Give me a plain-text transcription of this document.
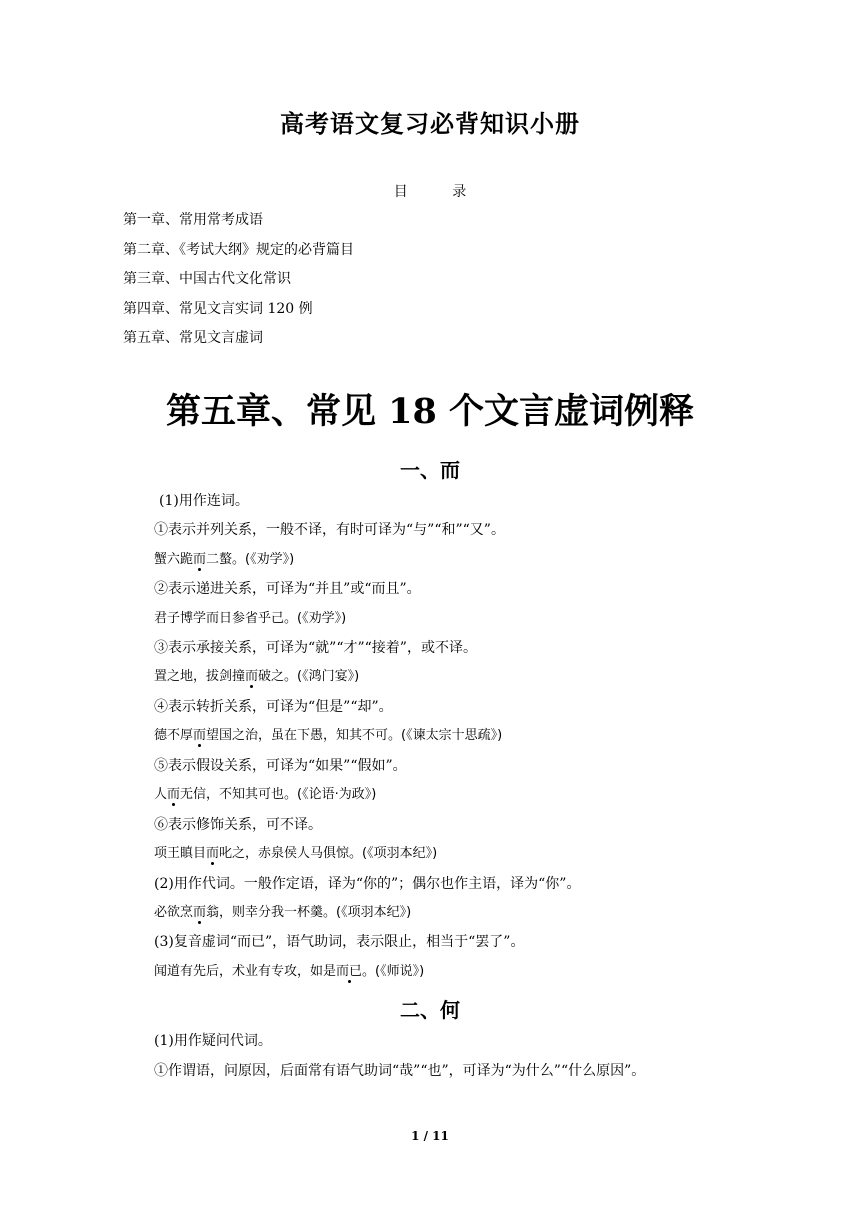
高考语文复习必背知识小册
目 录
第一章、常用常考成语
第二章、《考试大纲》规定的必背篇目
第三章、中国古代文化常识
第四章、常见文言实词 120 例
第五章、常见文言虚词
第五章、常见 18 个文言虚词例释
一、而
(1)用作连词。
①表示并列关系，一般不译，有时可译为“与”“和”“又”。
蟹六跪而二螯。(《劝学》)
②表示递进关系，可译为“并且”或“而且”。
君子博学而日参省乎己。(《劝学》)
③表示承接关系，可译为“就”“才”“接着”，或不译。
置之地，拔剑撞而破之。(《鸿门宴》)
④表示转折关系，可译为“但是”“却”。
德不厚而望国之治，虽在下愚，知其不可。(《谏太宗十思疏》)
⑤表示假设关系，可译为“如果”“假如”。
人而无信，不知其可也。(《论语·为政》)
⑥表示修饰关系，可不译。
项王瞋目而叱之，赤泉侯人马俱惊。(《项羽本纪》)
(2)用作代词。一般作定语，译为“你的”；偶尔也作主语，译为“你”。
必欲烹而翁，则幸分我一杯羹。(《项羽本纪》)
(3)复音虚词“而已”，语气助词，表示限止，相当于“罢了”。
闻道有先后，术业有专攻，如是而已。(《师说》)
二、何
(1)用作疑问代词。
①作谓语，问原因，后面常有语气助词“哉”“也”，可译为“为什么”“什么原因”。
1 / 11
